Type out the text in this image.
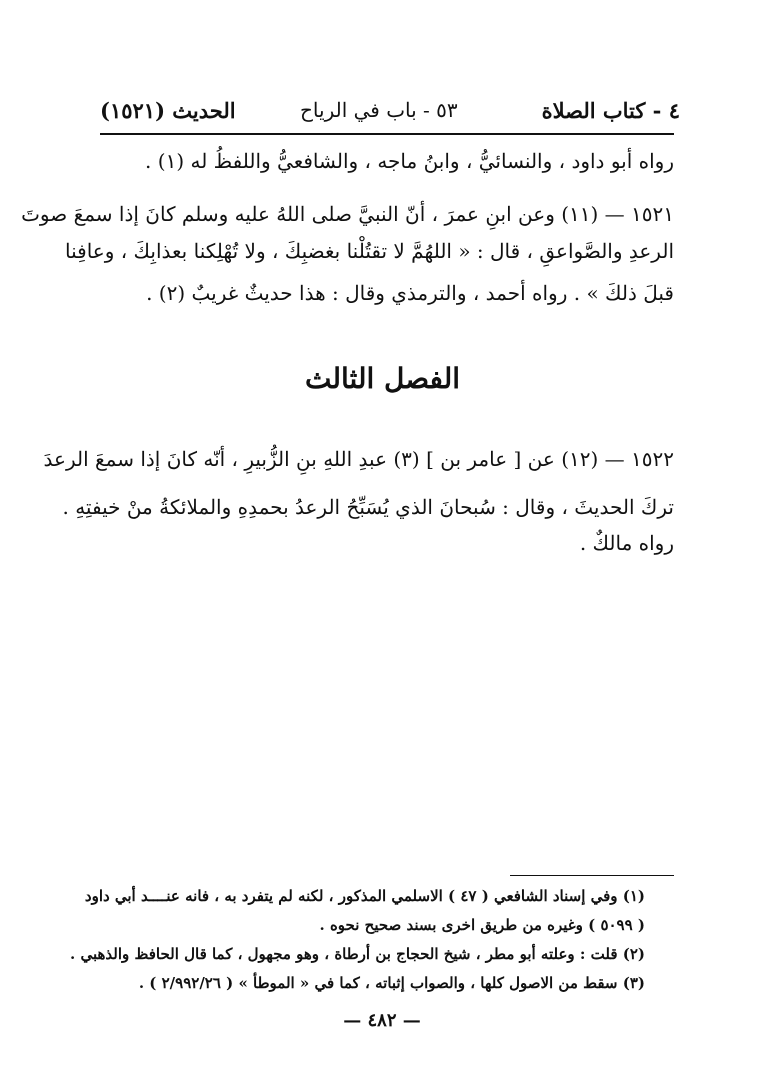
٤ - كتاب الصلاة
٥٣ - باب في الرياح
الحديث (١٥٢١)
رواه أبو داود ، والنسائيُّ ، وابنُ ماجه ، والشافعيُّ واللفظُ له (١) .
١٥٢١ — (١١) وعن ابنِ عمرَ ، أنّ النبيَّ صلى اللهُ عليه وسلم كانَ إذا سمعَ صوتَ
الرعدِ والصَّواعقِ ، قال : « اللهُمَّ لا تقتُلْنا بغضبِكَ ، ولا تُهْلِكنا بعذابِكَ ، وعافِنا
قبلَ ذلكَ » . رواه أحمد ، والترمذي وقال : هذا حديثٌ غريبٌ (٢) .
الفصل الثالث
١٥٢٢ — (١٢) عن [ عامر بن ] (٣) عبدِ اللهِ بنِ الزُّبيرِ ، أنّه كانَ إذا سمعَ الرعدَ
تركَ الحديثَ ، وقال : سُبحانَ الذي يُسَبِّحُ الرعدُ بحمدِهِ والملائكةُ منْ خيفتِهِ .
رواه مالكٌ .
(١) وفي إسناد الشافعي ( ٤٧ ) الاسلمي المذكور ، لكنه لم يتفرد به ، فانه عنــــد أبي داود
( ٥٠٩٩ ) وغيره من طريق اخرى بسند صحيح نحوه .
(٢) قلت : وعلته أبو مطر ، شيخ الحجاج بن أرطاة ، وهو مجهول ، كما قال الحافظ والذهبي .
(٣) سقط من الاصول كلها ، والصواب إثباته ، كما في « الموطأ » ( ٢/٩٩٢/٢٦ ) .
— ٤٨٢ —
